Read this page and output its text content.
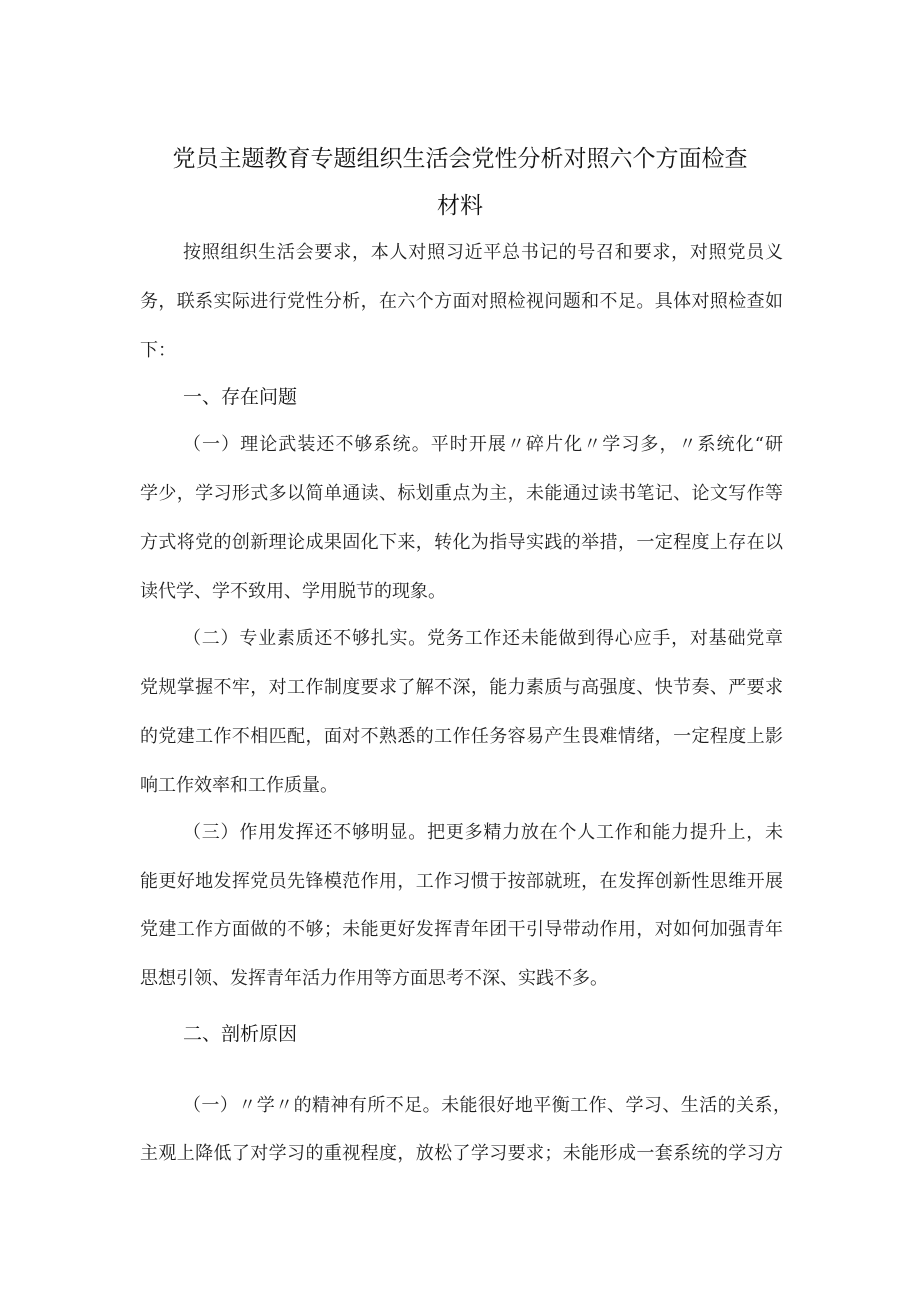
党员主题教育专题组织生活会党性分析对照六个方面检查
材料
按照组织生活会要求，本人对照习近平总书记的号召和要求，对照党员义
务，联系实际进行党性分析，在六个方面对照检视问题和不足。具体对照检查如
下：
一、存在问题
（一）理论武装还不够系统。平时开展〃碎片化〃学习多，〃系统化“研
学少，学习形式多以简单通读、标划重点为主，未能通过读书笔记、论文写作等
方式将党的创新理论成果固化下来，转化为指导实践的举措，一定程度上存在以
读代学、学不致用、学用脱节的现象。
（二）专业素质还不够扎实。党务工作还未能做到得心应手，对基础党章
党规掌握不牢，对工作制度要求了解不深，能力素质与高强度、快节奏、严要求
的党建工作不相匹配，面对不熟悉的工作任务容易产生畏难情绪，一定程度上影
响工作效率和工作质量。
（三）作用发挥还不够明显。把更多精力放在个人工作和能力提升上，未
能更好地发挥党员先锋模范作用，工作习惯于按部就班，在发挥创新性思维开展
党建工作方面做的不够；未能更好发挥青年团干引导带动作用，对如何加强青年
思想引领、发挥青年活力作用等方面思考不深、实践不多。
二、剖析原因
（一）〃学〃的精神有所不足。未能很好地平衡工作、学习、生活的关系，
主观上降低了对学习的重视程度，放松了学习要求；未能形成一套系统的学习方
